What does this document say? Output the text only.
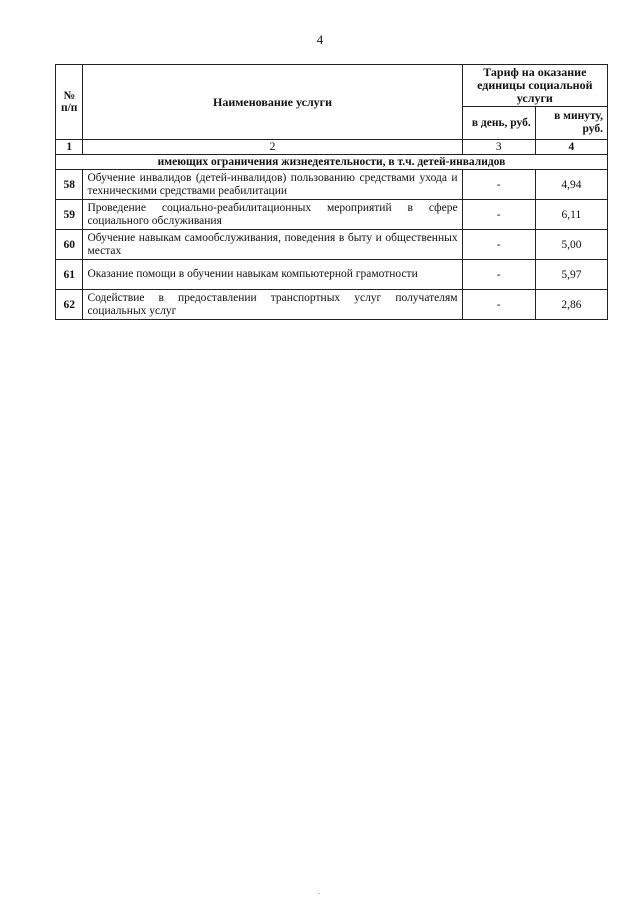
4
№ п/п	Наименование услуги	Тариф на оказание единицы социальной услуги	
		в день, руб.	в минуту, руб.
1	2	3	4
имеющих ограничения жизнедеятельности, в т.ч. детей-инвалидов			
58	Обучение инвалидов (детей-инвалидов) пользованию средствами ухода и техническими средствами реабилитации	-	4,94
59	Проведение социально-реабилитационных мероприятий в сфере социального обслуживания	-	6,11
60	Обучение навыкам самообслуживания, поведения в быту и общественных местах	-	5,00
61	Оказание помощи в обучении навыкам компьютерной грамотности	-	5,97
62	Содействие в предоставлении транспортных услуг получателям социальных услуг	-	2,86
.
